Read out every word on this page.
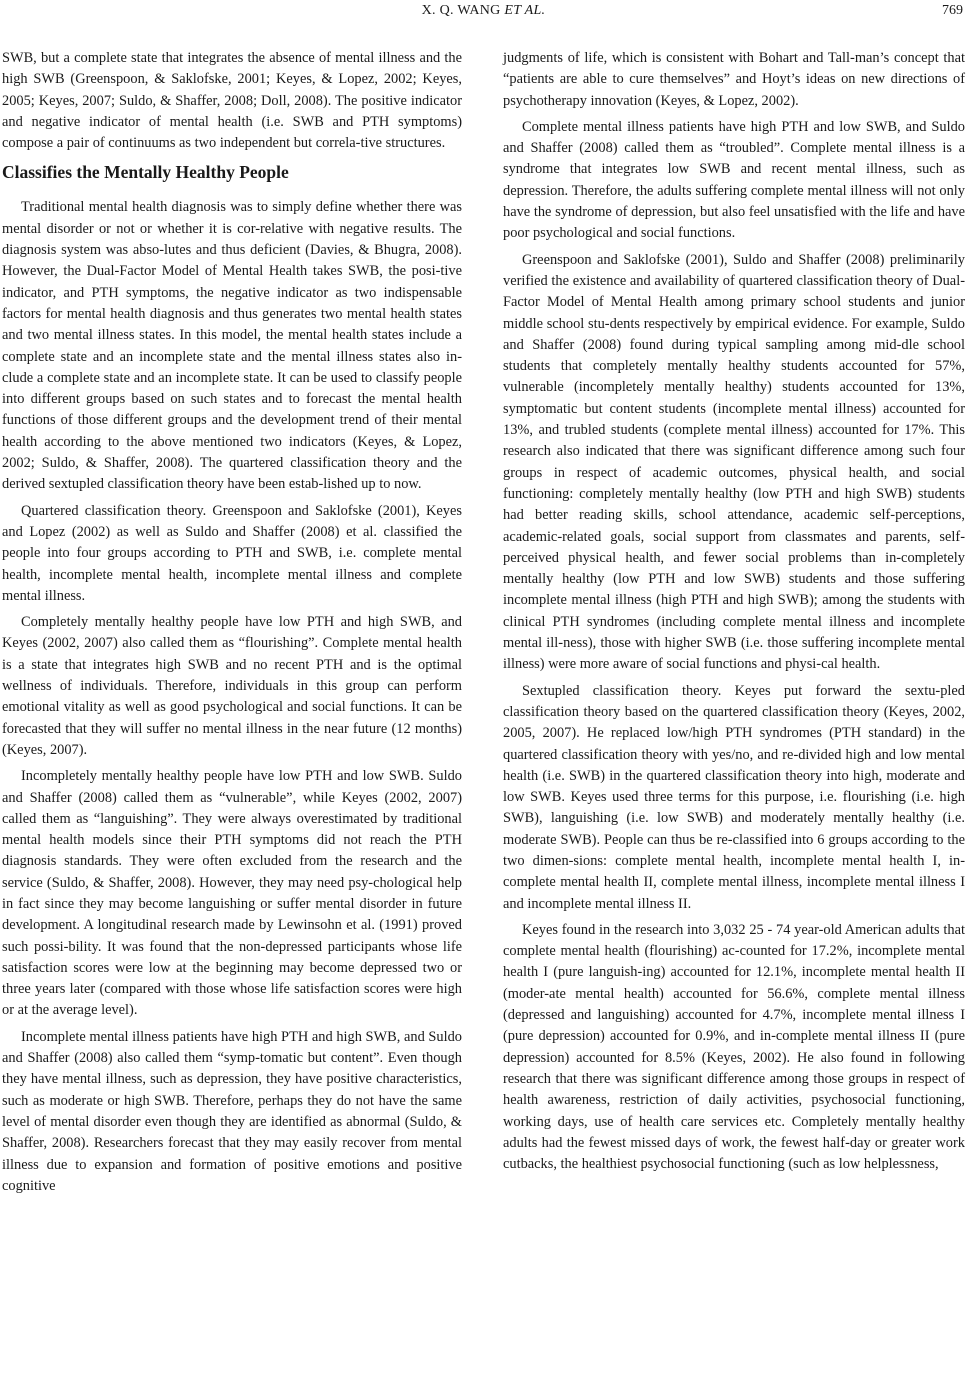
X. Q. WANG ET AL.	769

SWB, but a complete state that integrates the absence of mental illness and the high SWB (Greenspoon, & Saklofske, 2001; Keyes, & Lopez, 2002; Keyes, 2005; Keyes, 2007; Suldo, & Shaffer, 2008; Doll, 2008). The positive indicator and negative indicator of mental health (i.e. SWB and PTH symptoms) compose a pair of continuums as two independent but correla-tive structures.

Classifies the Mentally Healthy People

Traditional mental health diagnosis was to simply define whether there was mental disorder or not or whether it is cor-relative with negative results. The diagnosis system was abso-lutes and thus deficient (Davies, & Bhugra, 2008). However, the Dual-Factor Model of Mental Health takes SWB, the posi-tive indicator, and PTH symptoms, the negative indicator as two indispensable factors for mental health diagnosis and thus generates two mental health states and two mental illness states. In this model, the mental health states include a complete state and an incomplete state and the mental illness states also in-clude a complete state and an incomplete state. It can be used to classify people into different groups based on such states and to forecast the mental health functions of those different groups and the development trend of their mental health according to the above mentioned two indicators (Keyes, & Lopez, 2002; Suldo, & Shaffer, 2008). The quartered classification theory and the derived sextupled classification theory have been estab-lished up to now.

Quartered classification theory. Greenspoon and Saklofske (2001), Keyes and Lopez (2002) as well as Suldo and Shaffer (2008) et al. classified the people into four groups according to PTH and SWB, i.e. complete mental health, incomplete mental health, incomplete mental illness and complete mental illness.

Completely mentally healthy people have low PTH and high SWB, and Keyes (2002, 2007) also called them as “flourishing”. Complete mental health is a state that integrates high SWB and no recent PTH and is the optimal wellness of individuals. Therefore, individuals in this group can perform emotional vitality as well as good psychological and social functions. It can be forecasted that they will suffer no mental illness in the near future (12 months) (Keyes, 2007).

Incompletely mentally healthy people have low PTH and low SWB. Suldo and Shaffer (2008) called them as “vulnerable”, while Keyes (2002, 2007) called them as “languishing”. They were always overestimated by traditional mental health models since their PTH symptoms did not reach the PTH diagnosis standards. They were often excluded from the research and the service (Suldo, & Shaffer, 2008). However, they may need psy-chological help in fact since they may become languishing or suffer mental disorder in future development. A longitudinal research made by Lewinsohn et al. (1991) proved such possi-bility. It was found that the non-depressed participants whose life satisfaction scores were low at the beginning may become depressed two or three years later (compared with those whose life satisfaction scores were high or at the average level).

Incomplete mental illness patients have high PTH and high SWB, and Suldo and Shaffer (2008) also called them “symp-tomatic but content”. Even though they have mental illness, such as depression, they have positive characteristics, such as moderate or high SWB. Therefore, perhaps they do not have the same level of mental disorder even though they are identified as abnormal (Suldo, & Shaffer, 2008). Researchers forecast that they may easily recover from mental illness due to expansion and formation of positive emotions and positive cognitive

judgments of life, which is consistent with Bohart and Tall-man’s concept that “patients are able to cure themselves” and Hoyt’s ideas on new directions of psychotherapy innovation (Keyes, & Lopez, 2002).

Complete mental illness patients have high PTH and low SWB, and Suldo and Shaffer (2008) called them as “troubled”. Complete mental illness is a syndrome that integrates low SWB and recent mental illness, such as depression. Therefore, the adults suffering complete mental illness will not only have the syndrome of depression, but also feel unsatisfied with the life and have poor psychological and social functions.

Greenspoon and Saklofske (2001), Suldo and Shaffer (2008) preliminarily verified the existence and availability of quartered classification theory of Dual-Factor Model of Mental Health among primary school students and junior middle school stu-dents respectively by empirical evidence. For example, Suldo and Shaffer (2008) found during typical sampling among mid-dle school students that completely mentally healthy students accounted for 57%, vulnerable (incompletely mentally healthy) students accounted for 13%, symptomatic but content students (incomplete mental illness) accounted for 13%, and trubled students (complete mental illness) accounted for 17%. This research also indicated that there was significant difference among such four groups in respect of academic outcomes, physical health, and social functioning: completely mentally healthy (low PTH and high SWB) students had better reading skills, school attendance, academic self-perceptions, academic-related goals, social support from classmates and parents, self-perceived physical health, and fewer social problems than in-completely mentally healthy (low PTH and low SWB) students and those suffering incomplete mental illness (high PTH and high SWB); among the students with clinical PTH syndromes (including complete mental illness and incomplete mental ill-ness), those with higher SWB (i.e. those suffering incomplete mental illness) were more aware of social functions and physi-cal health.

Sextupled classification theory. Keyes put forward the sextu-pled classification theory based on the quartered classification theory (Keyes, 2002, 2005, 2007). He replaced low/high PTH syndromes (PTH standard) in the quartered classification theory with yes/no, and re-divided high and low mental health (i.e. SWB) in the quartered classification theory into high, moderate and low SWB. Keyes used three terms for this purpose, i.e. flourishing (i.e. high SWB), languishing (i.e. low SWB) and moderately mentally healthy (i.e. moderate SWB). People can thus be re-classified into 6 groups according to the two dimen-sions: complete mental health, incomplete mental health I, in-complete mental health II, complete mental illness, incomplete mental illness I and incomplete mental illness II.

Keyes found in the research into 3,032 25 - 74 year-old American adults that complete mental health (flourishing) ac-counted for 17.2%, incomplete mental health I (pure languish-ing) accounted for 12.1%, incomplete mental health II (moder-ate mental health) accounted for 56.6%, complete mental illness (depressed and languishing) accounted for 4.7%, incomplete mental illness I (pure depression) accounted for 0.9%, and in-complete mental illness II (pure depression) accounted for 8.5% (Keyes, 2002). He also found in following research that there was significant difference among those groups in respect of health awareness, restriction of daily activities, psychosocial functioning, working days, use of health care services etc. Completely mentally healthy adults had the fewest missed days of work, the fewest half-day or greater work cutbacks, the healthiest psychosocial functioning (such as low helplessness,
